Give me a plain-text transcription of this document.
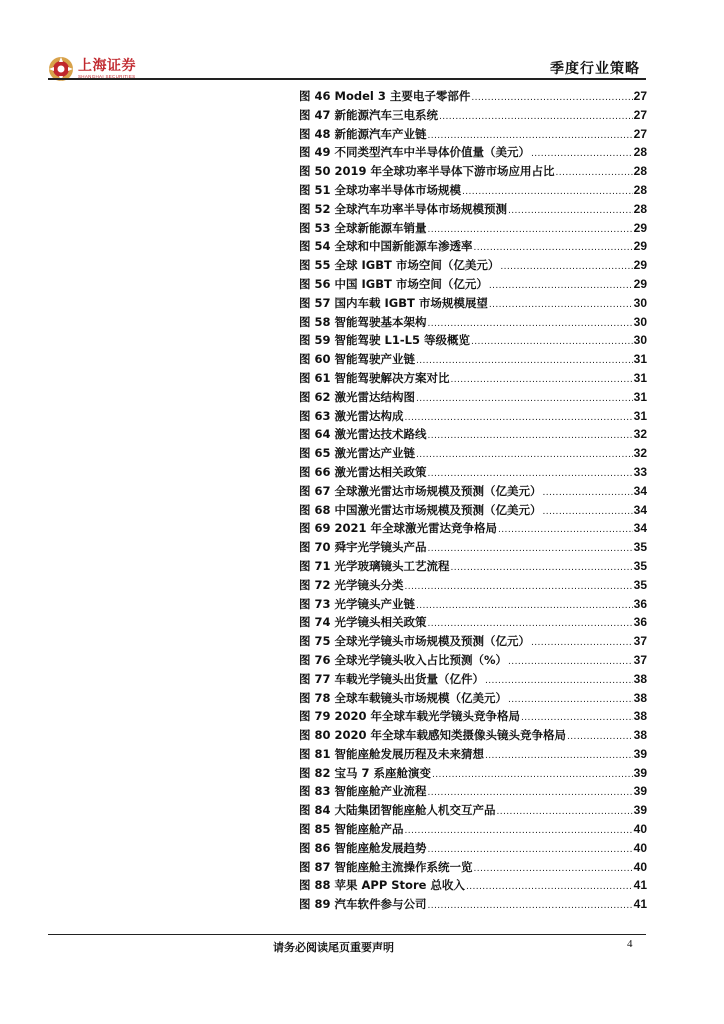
上海证券
SHANGHAI SECURITIES	季度行业策略
图 46 Model 3 主要电子零部件 .....	27
图 47 新能源汽车三电系统 .....	27
图 48 新能源汽车产业链 .....	27
图 49 不同类型汽车中半导体价值量（美元） .....	28
图 50 2019 年全球功率半导体下游市场应用占比 .....	28
图 51 全球功率半导体市场规模 .....	28
图 52 全球汽车功率半导体市场规模预测 .....	28
图 53 全球新能源车销量 .....	29
图 54 全球和中国新能源车渗透率 .....	29
图 55 全球 IGBT 市场空间（亿美元） .....	29
图 56 中国 IGBT 市场空间（亿元） .....	29
图 57 国内车载 IGBT 市场规模展望 .....	30
图 58 智能驾驶基本架构 .....	30
图 59 智能驾驶 L1-L5 等级概览 .....	30
图 60 智能驾驶产业链 .....	31
图 61 智能驾驶解决方案对比 .....	31
图 62 激光雷达结构图 .....	31
图 63 激光雷达构成 .....	31
图 64 激光雷达技术路线 .....	32
图 65 激光雷达产业链 .....	32
图 66 激光雷达相关政策 .....	33
图 67 全球激光雷达市场规模及预测（亿美元） .....	34
图 68 中国激光雷达市场规模及预测（亿美元） .....	34
图 69 2021 年全球激光雷达竞争格局 .....	34
图 70 舜宇光学镜头产品 .....	35
图 71 光学玻璃镜头工艺流程 .....	35
图 72 光学镜头分类 .....	35
图 73 光学镜头产业链 .....	36
图 74 光学镜头相关政策 .....	36
图 75 全球光学镜头市场规模及预测（亿元） .....	37
图 76 全球光学镜头收入占比预测（%） .....	37
图 77 车载光学镜头出货量（亿件） .....	38
图 78 全球车载镜头市场规模（亿美元） .....	38
图 79 2020 年全球车载光学镜头竞争格局 .....	38
图 80 2020 年全球车载感知类摄像头镜头竞争格局 .....	38
图 81 智能座舱发展历程及未来猜想 .....	39
图 82 宝马 7 系座舱演变 .....	39
图 83 智能座舱产业流程 .....	39
图 84 大陆集团智能座舱人机交互产品 .....	39
图 85 智能座舱产品 .....	40
图 86 智能座舱发展趋势 .....	40
图 87 智能座舱主流操作系统一览 .....	40
图 88 苹果 APP Store 总收入 .....	41
图 89 汽车软件参与公司 .....	41
请务必阅读尾页重要声明	4
